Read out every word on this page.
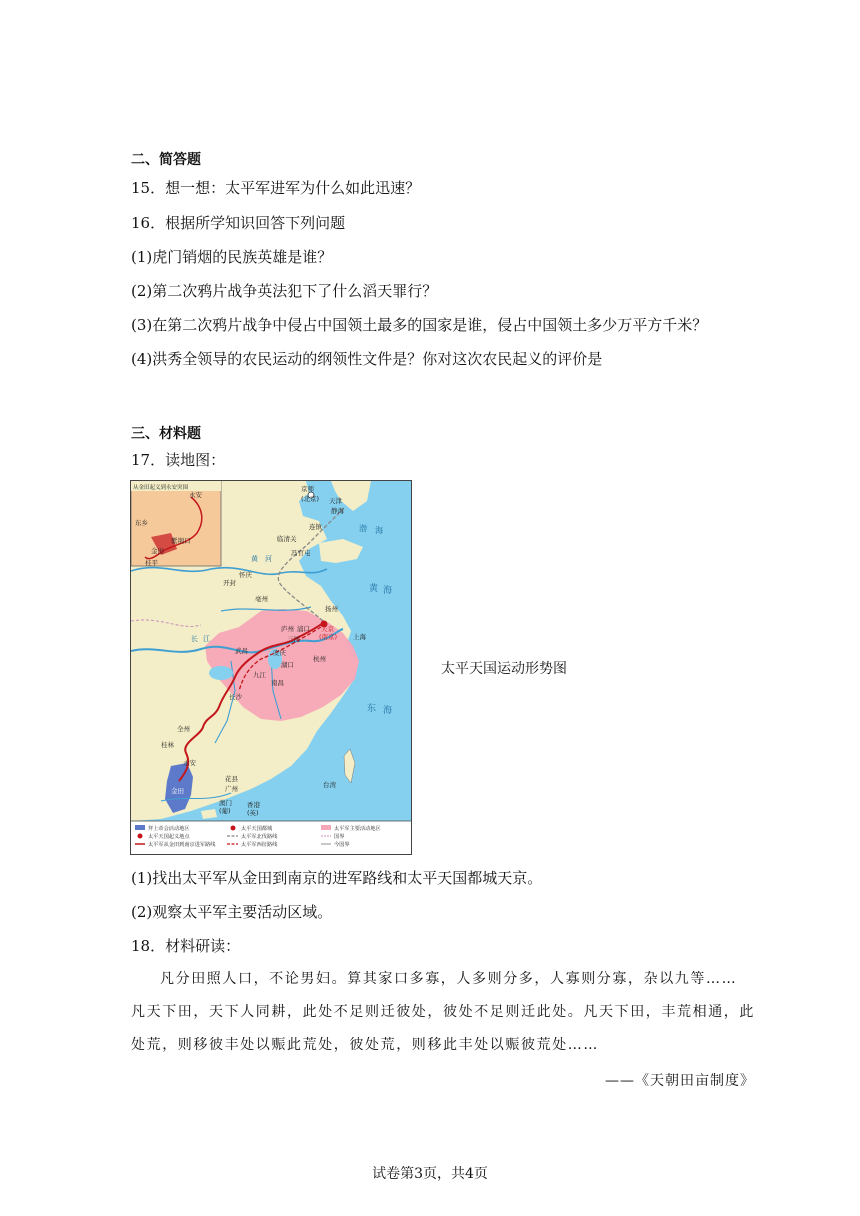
二、简答题
15．想一想：太平军进军为什么如此迅速？
16．根据所学知识回答下列问题
(1)虎门销烟的民族英雄是谁？
(2)第二次鸦片战争英法犯下了什么滔天罪行？
(3)在第二次鸦片战争中侵占中国领土最多的国家是谁，侵占中国领土多少万平方千米？
(4)洪秀全领导的农民运动的纲领性文件是？你对这次农民起义的评价是
三、材料题
17．读地图：
从金田起义到永安突围
永安
东乡
紫荆口
金田
桂平
京师
(北京) 天津
静海
连镇
临清关
冯官屯
开封
怀庆
亳州
扬州
庐州 浦口 天京
(南京)
三河	上海
武昌	安庆
杭州
湖口
九江
南昌
长沙
全州
桂林
永安
金田
花县
广州
澳门
(葡)
香港
(英)
台湾
黄 河
长 江
渤 海
黄 海
东 海
拜上帝会活动地区
太平天国起义地点
太平军从金田到南京进军路线
太平天国都城
太平军北伐路线
太平军西征路线
太平军主要活动地区
国界
今国界
太平天国运动形势图
(1)找出太平军从金田到南京的进军路线和太平天国都城天京。
(2)观察太平军主要活动区域。
18．材料研读：
凡分田照人口，不论男妇。算其家口多寡，人多则分多，人寡则分寡，杂以九等……
凡天下田，天下人同耕，此处不足则迁彼处，彼处不足则迁此处。凡天下田，丰荒相通，此
处荒，则移彼丰处以赈此荒处，彼处荒，则移此丰处以赈彼荒处……
——《天朝田亩制度》
试卷第3页，共4页
